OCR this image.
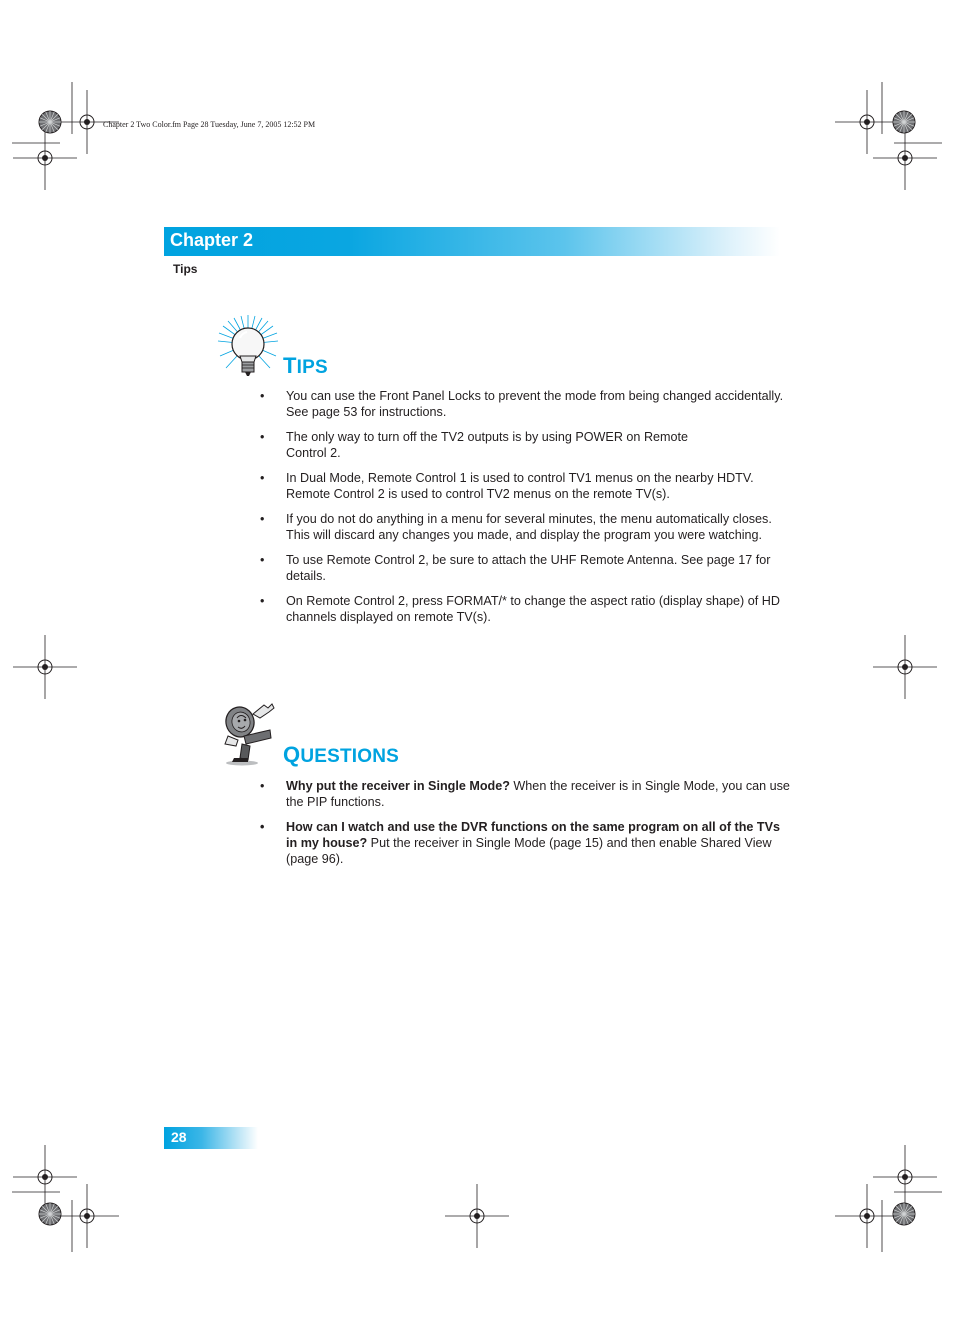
Chapter 2 Two Color.fm Page 28 Tuesday, June 7, 2005 12:52 PM
Chapter 2
Tips
TIPS
• You can use the Front Panel Locks to prevent the mode from being changed accidentally. See page 53 for instructions.
• The only way to turn off the TV2 outputs is by using POWER on Remote Control 2.
• In Dual Mode, Remote Control 1 is used to control TV1 menus on the nearby HDTV. Remote Control 2 is used to control TV2 menus on the remote TV(s).
• If you do not do anything in a menu for several minutes, the menu automatically closes. This will discard any changes you made, and display the program you were watching.
• To use Remote Control 2, be sure to attach the UHF Remote Antenna. See page 17 for details.
• On Remote Control 2, press FORMAT/* to change the aspect ratio (display shape) of HD channels displayed on remote TV(s).
QUESTIONS
• Why put the receiver in Single Mode? When the receiver is in Single Mode, you can use the PIP functions.
• How can I watch and use the DVR functions on the same program on all of the TVs in my house? Put the receiver in Single Mode (page 15) and then enable Shared View (page 96).
28
